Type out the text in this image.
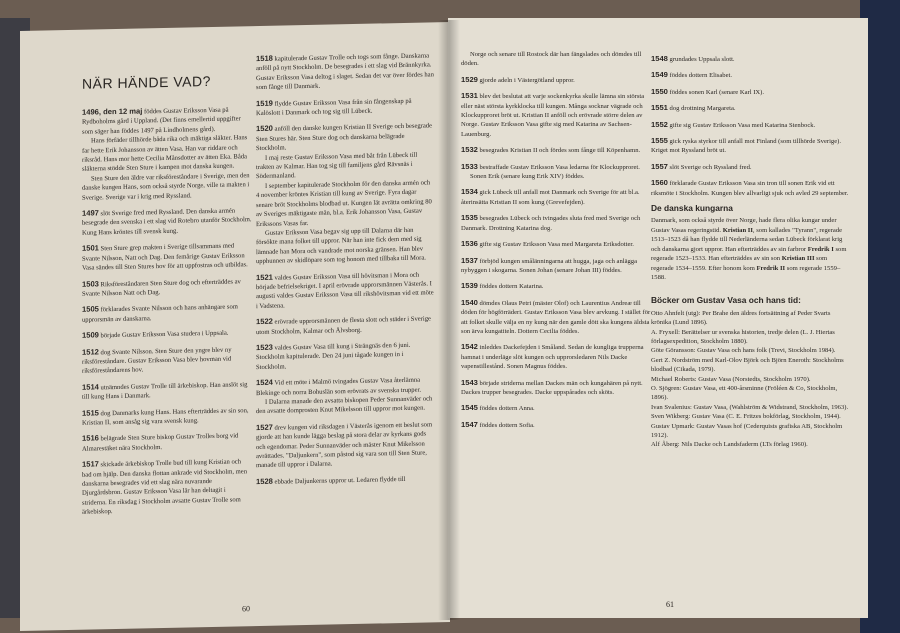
NÄR HÄNDE VAD?

1496, den 12 maj föddes Gustav Eriksson Vasa på Rydboholms gård i Uppland. (Det finns emellertid uppgifter som säger han föddes 1497 på Lindholmens gård).

Hans förfäder tillhörde båda rika och mäktiga släkter. Hans far hette Erik Johansson av ätten Vasa. Han var riddare och riksråd. Hans mor hette Cecilia Månsdotter av ätten Eka. Båda släkterna stödde Sten Sture i kampen mot danska kungen.

Sten Sture den äldre var riksföreståndare i Sverige, men den danske kungen Hans, som också styrde Norge, ville ta makten i Sverige. Sverige var i krig med Ryssland.

1497 slöt Sverige fred med Ryssland. Den danska armén besegrade den svenska i ett slag vid Rotebro utanför Stockholm. Kung Hans kröntes till svensk kung.

1501 Sten Sture grep makten i Sverige tillsammans med Svante Nilsson, Natt och Dag. Den femårige Gustav Eriksson Vasa sändes till Sten Stures hov för att uppfostras och utbildas.

1503 Riksföreståndaren Sten Sture dog och efterträddes av Svante Nilsson Natt och Dag.

1505 förklarades Svante Nilsson och hans anhängare som upprorsmän av danskarna.

1509 började Gustav Eriksson Vasa studera i Uppsala.

1512 dog Svante Nilsson. Sten Sture den yngre blev ny riksföreståndare. Gustav Eriksson Vasa blev hovman vid riksföreståndarens hov.

1514 utnämndes Gustav Trolle till ärkebiskop. Han anslöt sig till kung Hans i Danmark.

1515 dog Danmarks kung Hans. Hans efterträddes av sin son, Kristian II, som ansåg sig vara svensk kung.

1516 belägrade Sten Sture biskop Gustav Trolles borg vid Almarestäket nära Stockholm.

1517 skickade ärkebiskop Trolle bud till kung Kristian och bad om hjälp. Den danska flottan ankrade vid Stockholm, men danskarna besegrades vid ett slag nära nuvarande Djurgårdsbron. Gustav Eriksson Vasa lär han deltagit i striderna. En riksdag i Stockholm avsatte Gustav Trolle som ärkebiskop.

1518 kapitulerade Gustav Trolle och togs som fånge. Danskarna anföll på nytt Stockholm. De besegrades i ett slag vid Brännkyrka. Gustav Eriksson Vasa deltog i slaget. Sedan det var över fördes han som fånge till Danmark.

1519 flydde Gustav Eriksson Vasa från sin fångenskap på Kalöslott i Danmark och tog sig till Lübeck.

1520 anföll den danske kungen Kristian II Sverige och besegrade Sten Stures här. Sten Sture dog och danskarna belägrade Stockholm.

I maj reste Gustav Eriksson Vasa med båt från Lübeck till trakten av Kalmar. Han tog sig till familjens gård Rävsnäs i Södermanland.

I september kapitulerade Stockholm för den danska armén och 4 november kröntes Kristian till kung av Sverige. Fyra dagar senare bröt Stockholms blodbad ut. Kungen lät avrätta omkring 80 av Sveriges mäktigaste män, bl.a. Erik Johansson Vasa, Gustav Erikssons Vasas far.

Gustav Eriksson Vasa begav sig upp till Dalarna där han försökte mana folket till uppror. När han inte fick dem med sig lämnade han Mora och vandrade mot norska gränsen. Han blev upphunnen av skidlöpare som tog honom med tillbaka till Mora.

1521 valdes Gustav Eriksson Vasa till hövitsman i Mora och började befrielsekriget. I april erövrade upprorsmännen Västerås. I augusti valdes Gustav Eriksson Vasa till rikshövitsman vid ett möte i Vadstena.

1522 erövrade upprorsmännen de flesta slott och städer i Sverige utom Stockholm, Kalmar och Älvsborg.

1523 valdes Gustav Vasa till kung i Strängnäs den 6 juni. Stockholm kapitulerade. Den 24 juni tågade kungen in i Stockholm.

1524 Vid ett möte i Malmö tvingades Gustav Vasa återlämna Blekinge och norra Bohuslän som erövrats av svenska trupper.

I Dalarna manade den avsatta biskopen Peder Sunnanväder och den avsatte domprosten Knut Mikelsson till uppror mot kungen.

1527 drev kungen vid riksdagen i Västerås igenom ett beslut som gjorde att han kunde lägga beslag på stora delar av kyrkans gods och egendomar. Peder Sunnanväder och mäster Knut Mikelsson avrättades. "Daljunkern", som påstod sig vara son till Sten Sture, manade till uppror i Dalarna.

1528 ebbade Daljunkerns uppror ut. Ledaren flydde till

60

Norge och senare till Rostock där han fängslades och dömdes till döden.

1529 gjorde adeln i Västergötland uppror.

1531 blev det beslutat att varje sockenkyrka skulle lämna sin största eller näst största kyrkklocka till kungen. Många socknar vägrade och Klockupproret bröt ut. Kristian II anföll och erövrade större delen av Norge. Gustav Eriksson Vasa gifte sig med Katarina av Sachsen-Lauenburg.

1532 besegrades Kristian II och fördes som fånge till Köpenhamn.

1533 bestraffade Gustav Eriksson Vasa ledarna för Klockupproret.

Sonen Erik (senare kung Erik XIV) föddes.

1534 gick Lübeck till anfall mot Danmark och Sverige för att bl.a. återinsätta Kristian II som kung (Grevefejden).

1535 besegrades Lübeck och tvingades sluta fred med Sverige och Danmark. Drottning Katarina dog.

1536 gifte sig Gustav Eriksson Vasa med Margareta Eriksdotter.

1537 förbjöd kungen smålänningarna att hugga, jaga och anlägga nybyggen i skogarna. Sonen Johan (senare Johan III) föddes.

1539 föddes dottern Katarina.

1540 dömdes Olaus Petri (mäster Olof) och Laurentius Andreæ till döden för högförräderi. Gustav Eriksson Vasa blev arvkung. I stället för att folket skulle välja en ny kung när den gamle dött ska kungens äldsta son ärva kungatiteln. Dottern Cecilia föddes.

1542 inleddes Dackefejden i Småland. Sedan de kungliga trupperna hamnat i underläge slöt kungen och upprorsledaren Nils Dacke vapenstillestånd. Sonen Magnus föddes.

1543 började striderna mellan Dackes män och kungahären på nytt. Dackes trupper besegrades. Dacke uppspårades och sköts.

1545 föddes dottern Anna.

1547 föddes dottern Sofia.

1548 grundades Uppsala slott.

1549 föddes dottern Elisabet.

1550 föddes sonen Karl (senare Karl IX).

1551 dog drottning Margareta.

1552 gifte sig Gustav Eriksson Vasa med Katarina Stenbock.

1555 gick ryska styrkor till anfall mot Finland (som tillhörde Sverige). Kriget mot Ryssland bröt ut.

1557 slöt Sverige och Ryssland fred.

1560 förklarade Gustav Eriksson Vasa sin tron till sonen Erik vid ett riksmöte i Stockholm. Kungen blev allvarligt sjuk och avled 29 september.

De danska kungarna

Danmark, som också styrde över Norge, hade flera olika kungar under Gustav Vasas regeringstid. Kristian II, som kallades "Tyrann", regerade 1513–1523 då han flydde till Nederländerna sedan Lübeck förklarat krig och danskarna gjort uppror. Han efterträddes av sin farbror Fredrik I som regerade 1523–1533. Han efterträddes av sin son Kristian III som regerade 1534–1559. Efter honom kom Fredrik II som regerade 1559–1588.

Böcker om Gustav Vasa och hans tid:
Otto Ahnfelt (utg): Per Brahe den äldres fortsättning af Peder Svarts krönika (Lund 1896).
A. Fryxell: Berättelser ur svenska historien, tredje delen (L. J. Hiertas förlagsexpedition, Stockholm 1880).
Göte Göransson: Gustav Vasa och hans folk (Trevi, Stockholm 1984).
Gert Z. Nordström med Karl-Olov Björk och Björn Eneroth: Stockholms blodbad (Cikada, 1979).
Michael Roberts: Gustav Vasa (Norstedts, Stockholm 1970).
O. Sjögren: Gustav Vasa, ett 400-årsminne (Fröléen & Co, Stockholm, 1896).
Ivan Svalenius: Gustav Vasa, (Wahlström & Widstrand, Stockholm, 1963).
Sven Wikberg: Gustav Vasa (C. E. Fritzes bokförlag, Stockholm, 1944).
Gustav Upmark: Gustav Vasas hof (Cederquists grafiska AB, Stockholm 1912).
Alf Åberg: Nils Dacke och Landsfaderm (LTs förlag 1960).
61
